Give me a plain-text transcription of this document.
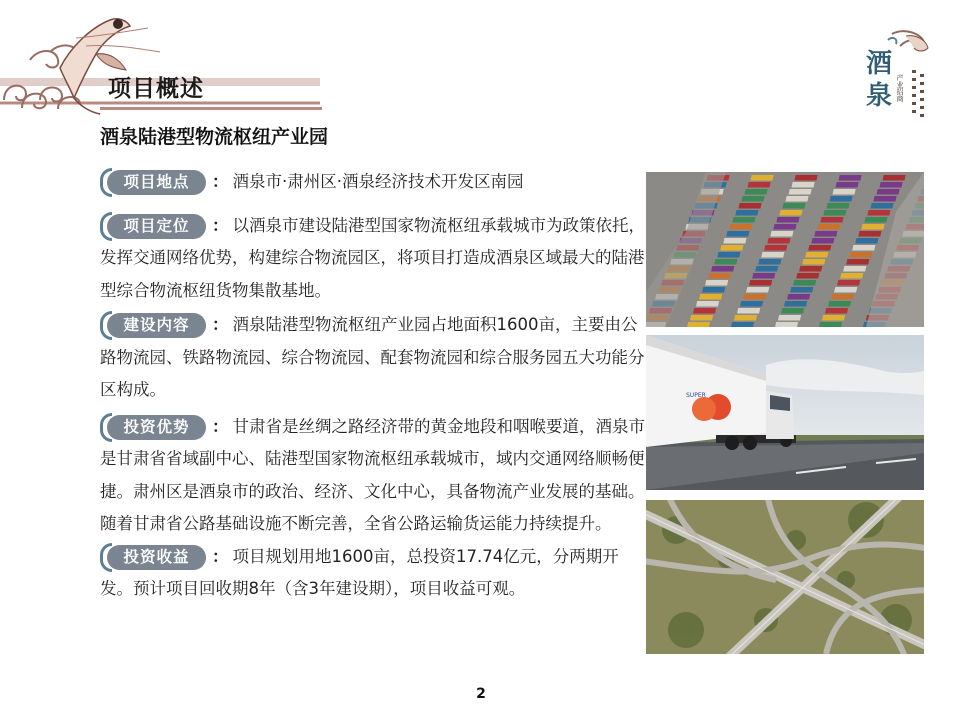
项目概述
酒
泉 产业招商
酒泉陆港型物流枢纽产业园

项目地点	： 酒泉市·肃州区·酒泉经济技术开发区南园

项目定位	： 以酒泉市建设陆港型国家物流枢纽承载城市为政策依托，发挥交通网络优势，构建综合物流园区，将项目打造成酒泉区域最大的陆港型综合物流枢纽货物集散基地。

建设内容	： 酒泉陆港型物流枢纽产业园占地面积1600亩，主要由公路物流园、铁路物流园、综合物流园、配套物流园和综合服务园五大功能分区构成。

投资优势	： 甘肃省是丝绸之路经济带的黄金地段和咽喉要道，酒泉市是甘肃省省域副中心、陆港型国家物流枢纽承载城市，域内交通网络顺畅便捷。肃州区是酒泉市的政治、经济、文化中心，具备物流产业发展的基础。随着甘肃省公路基础设施不断完善，全省公路运输货运能力持续提升。

投资收益	： 项目规划用地1600亩，总投资17.74亿元，分两期开发。预计项目回收期8年（含3年建设期），项目收益可观。

SUPER
2
